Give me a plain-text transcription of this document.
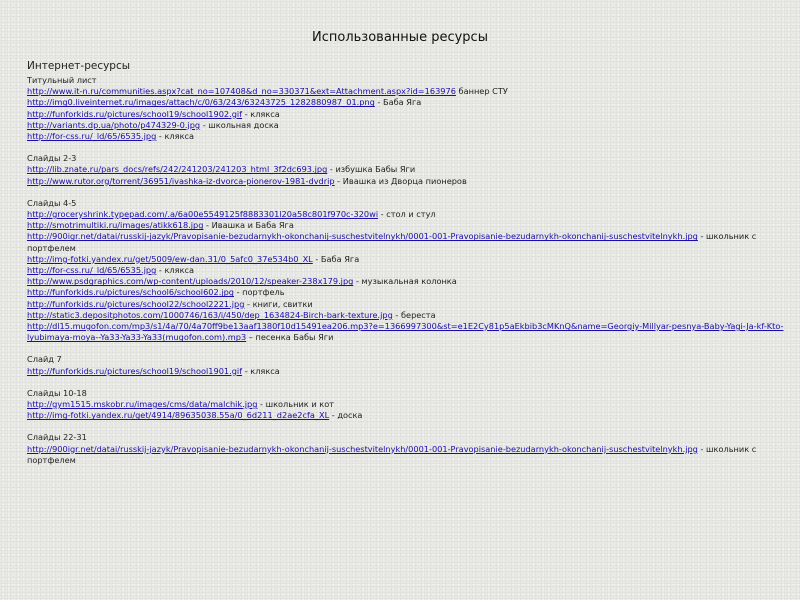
Использованные ресурсы
Интернет-ресурсы
Титульный лист
http://www.it-n.ru/communities.aspx?cat_no=107408&d_no=330371&ext=Attachment.aspx?id=163976 баннер СТУ
http://img0.liveinternet.ru/images/attach/c/0/63/243/63243725_1282880987_01.png - Баба Яга
http://funforkids.ru/pictures/school19/school1902.gif - клякса
http://variants.dp.ua/photo/p474329-0.jpg - школьная доска
http://for-css.ru/_ld/65/6535.jpg - клякса
Слайды 2-3
http://lib.znate.ru/pars_docs/refs/242/241203/241203_html_3f2dc693.jpg - избушка Бабы Яги
http://www.rutor.org/torrent/36951/ivashka-iz-dvorca-pionerov-1981-dvdrip - Ивашка из Дворца пионеров
Слайды 4-5
http://groceryshrink.typepad.com/.a/6a00e5549125f8883301l20a58c801f970c-320wi - стол и стул
http://smotrimultiki.ru/images/atikk618.jpg - Ивашка и Баба Яга
http://900igr.net/datai/russkij-jazyk/Pravopisanie-bezudarnykh-okonchanij-suschestvitelnykh/0001-001-Pravopisanie-bezudarnykh-okonchanij-suschestvitelnykh.jpg - школьник с портфелем
http://img-fotki.yandex.ru/get/5009/ew-dan.31/0_5afc0_37e534b0_XL - Баба Яга
http://for-css.ru/_ld/65/6535.jpg - клякса
http://www.psdgraphics.com/wp-content/uploads/2010/12/speaker-238x179.jpg - музыкальная колонка
http://funforkids.ru/pictures/school6/school602.jpg - портфель
http://funforkids.ru/pictures/school22/school2221.jpg - книги, свитки
http://static3.depositphotos.com/1000746/163/i/450/dep_1634824-Birch-bark-texture.jpg - береста
http://dl15.mugofon.com/mp3/s1/4a/70/4a70ff9be13aaf1380f10d15491ea206.mp3?e=1366997300&st=e1E2Cy81p5aEkbib3cMKnQ&name=Georgiy-Millyar-pesnya-Baby-Yagi-Ja-kf-Kto-lyubimaya-moya--Ya33-Ya33-Ya33(mugofon.com).mp3 – песенка Бабы Яги
Слайд 7
http://funforkids.ru/pictures/school19/school1901.gif - клякса
Слайды 10-18
http://gym1515.mskobr.ru/images/cms/data/malchik.jpg - школьник и кот
http://img-fotki.yandex.ru/get/4914/89635038.55a/0_6d211_d2ae2cfa_XL - доска
Слайды 22-31
http://900igr.net/datai/russkij-jazyk/Pravopisanie-bezudarnykh-okonchanij-suschestvitelnykh/0001-001-Pravopisanie-bezudarnykh-okonchanij-suschestvitelnykh.jpg - школьник с портфелем
